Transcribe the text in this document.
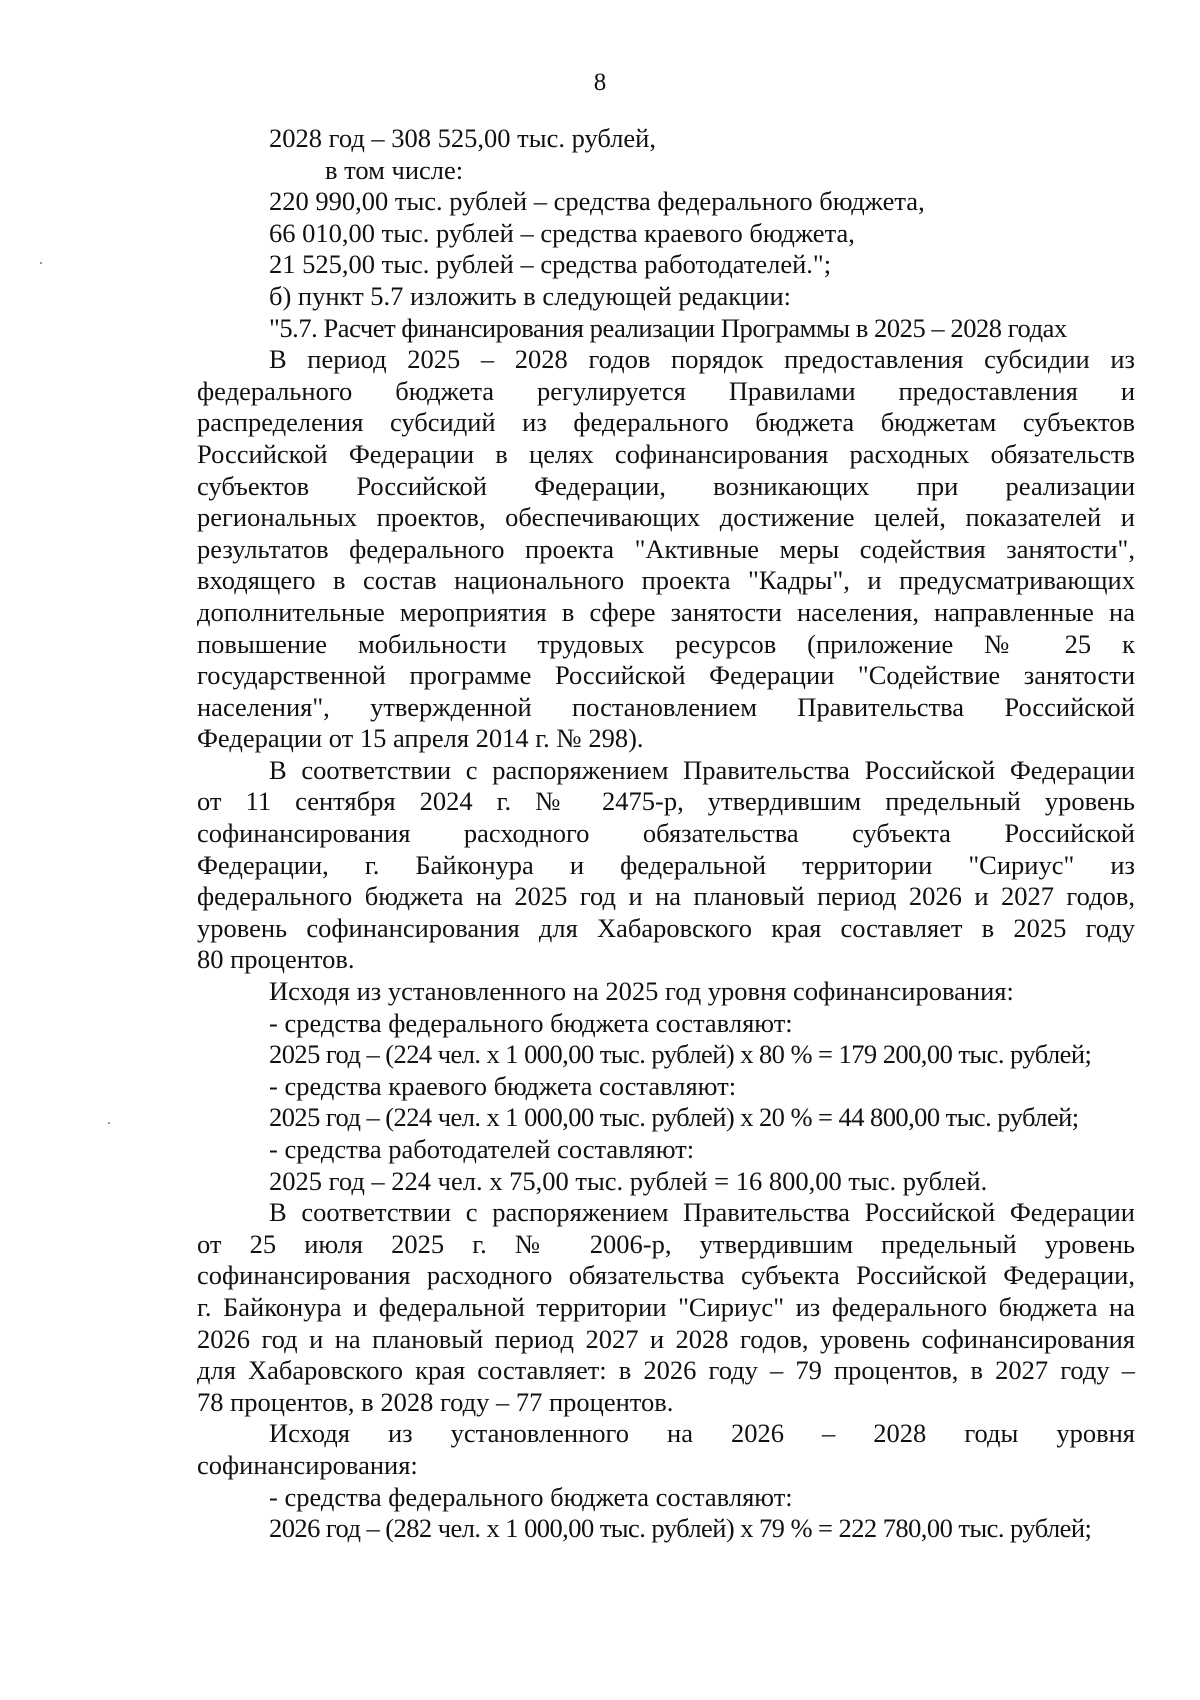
8

2028 год – 308 525,00 тыс. рублей,

в том числе:

220 990,00 тыс. рублей – средства федерального бюджета,

66 010,00 тыс. рублей – средства краевого бюджета,

21 525,00 тыс. рублей – средства работодателей.";

б) пункт 5.7 изложить в следующей редакции:

"5.7. Расчет финансирования реализации Программы в 2025 – 2028 годах

В период 2025 – 2028 годов порядок предоставления субсидии из

федерального бюджета регулируется Правилами предоставления и

распределения субсидий из федерального бюджета бюджетам субъектов

Российской Федерации в целях софинансирования расходных обязательств

субъектов Российской Федерации, возникающих при реализации

региональных проектов, обеспечивающих достижение целей, показателей и

результатов федерального проекта "Активные меры содействия занятости",

входящего в состав национального проекта "Кадры", и предусматривающих

дополнительные мероприятия в сфере занятости населения, направленные на

повышение мобильности трудовых ресурсов (приложение № 25 к

государственной программе Российской Федерации "Содействие занятости

населения", утвержденной постановлением Правительства Российской

Федерации от 15 апреля 2014 г. № 298).

В соответствии с распоряжением Правительства Российской Федерации

от 11 сентября 2024 г. № 2475-р, утвердившим предельный уровень

софинансирования расходного обязательства субъекта Российской

Федерации, г. Байконура и федеральной территории "Сириус" из

федерального бюджета на 2025 год и на плановый период 2026 и 2027 годов,

уровень софинансирования для Хабаровского края составляет в 2025 году

80 процентов.

Исходя из установленного на 2025 год уровня софинансирования:

- средства федерального бюджета составляют:

2025 год – (224 чел. х 1 000,00 тыс. рублей) х 80 % = 179 200,00 тыс. рублей;

- средства краевого бюджета составляют:

2025 год – (224 чел. х 1 000,00 тыс. рублей) х 20 % = 44 800,00 тыс. рублей;

- средства работодателей составляют:

2025 год – 224 чел. х 75,00 тыс. рублей = 16 800,00 тыс. рублей.

В соответствии с распоряжением Правительства Российской Федерации

от 25 июля 2025 г. № 2006-р, утвердившим предельный уровень

софинансирования расходного обязательства субъекта Российской Федерации,

г. Байконура и федеральной территории "Сириус" из федерального бюджета на

2026 год и на плановый период 2027 и 2028 годов, уровень софинансирования

для Хабаровского края составляет: в 2026 году – 79 процентов, в 2027 году –

78 процентов, в 2028 году – 77 процентов.

Исходя из установленного на 2026 – 2028 годы уровня

софинансирования:

- средства федерального бюджета составляют:

2026 год – (282 чел. х 1 000,00 тыс. рублей) х 79 % = 222 780,00 тыс. рублей;
